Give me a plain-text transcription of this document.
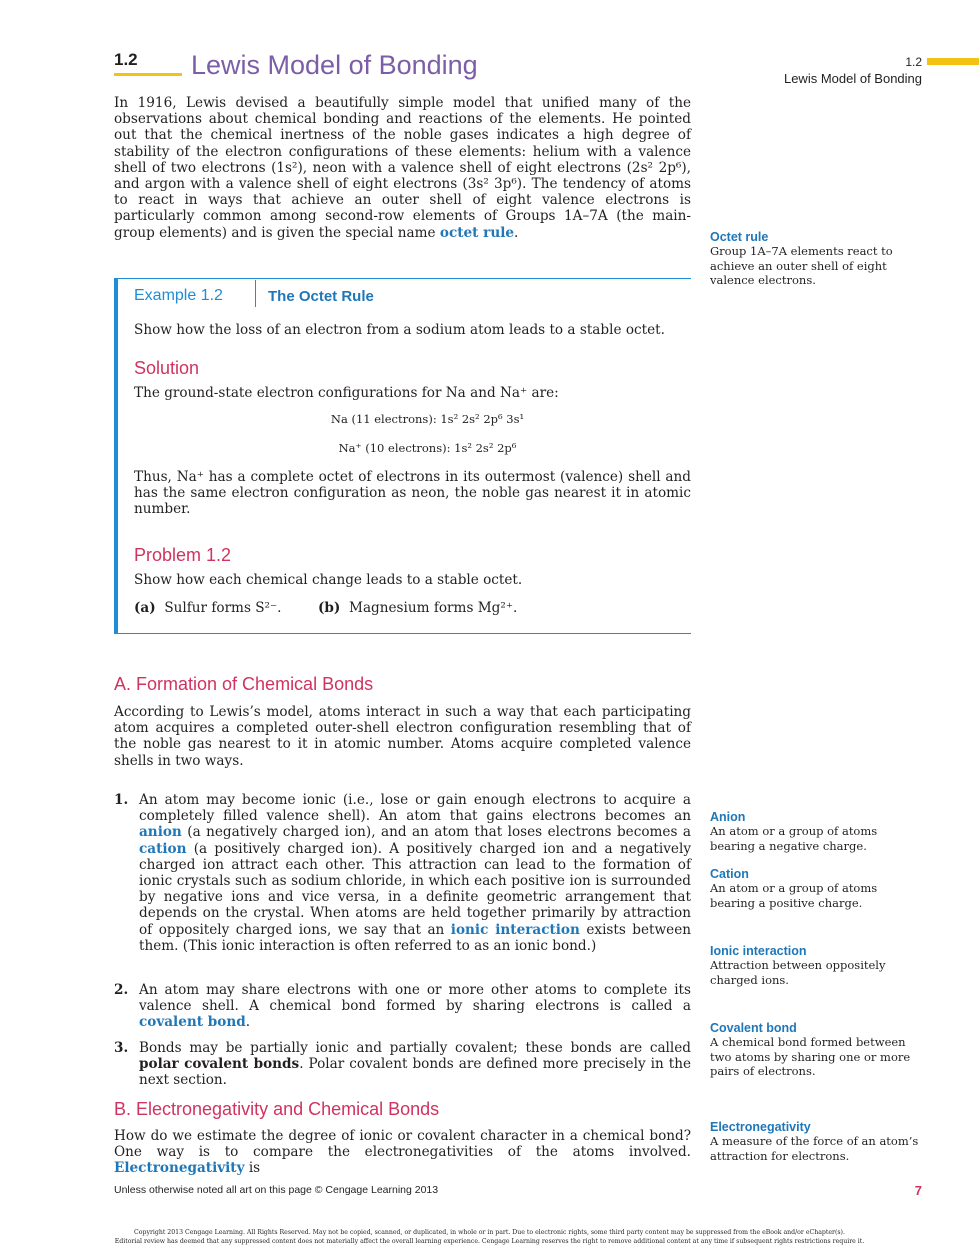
1.2 Lewis Model of Bonding	1.2
Lewis Model of Bonding
In 1916, Lewis devised a beautifully simple model that unified many of the observations about chemical bonding and reactions of the elements. He pointed out that the chemical inertness of the noble gases indicates a high degree of stability of the electron configurations of these elements: helium with a valence shell of two electrons (1s²), neon with a valence shell of eight electrons (2s² 2p⁶), and argon with a valence shell of eight electrons (3s² 3p⁶). The tendency of atoms to react in ways that achieve an outer shell of eight valence electrons is particularly common among second-row elements of Groups 1A–7A (the main-group elements) and is given the special name octet rule.
Example 1.2	The Octet Rule
Show how the loss of an electron from a sodium atom leads to a stable octet.
Solution
The ground-state electron configurations for Na and Na⁺ are:
Na (11 electrons): 1s² 2s² 2p⁶ 3s¹
Na⁺ (10 electrons): 1s² 2s² 2p⁶
Thus, Na⁺ has a complete octet of electrons in its outermost (valence) shell and has the same electron configuration as neon, the noble gas nearest it in atomic number.
Problem 1.2
Show how each chemical change leads to a stable octet.
(a) Sulfur forms S²⁻.	(b) Magnesium forms Mg²⁺.
A. Formation of Chemical Bonds
According to Lewis’s model, atoms interact in such a way that each participating atom acquires a completed outer-shell electron configuration resembling that of the noble gas nearest to it in atomic number. Atoms acquire completed valence shells in two ways.
1. An atom may become ionic (i.e., lose or gain enough electrons to acquire a completely filled valence shell). An atom that gains electrons becomes an anion (a negatively charged ion), and an atom that loses electrons becomes a cation (a positively charged ion). A positively charged ion and a negatively charged ion attract each other. This attraction can lead to the formation of ionic crystals such as sodium chloride, in which each positive ion is surrounded by negative ions and vice versa, in a definite geometric arrangement that depends on the crystal. When atoms are held together primarily by attraction of oppositely charged ions, we say that an ionic interaction exists between them. (This ionic interaction is often referred to as an ionic bond.)
2. An atom may share electrons with one or more other atoms to complete its valence shell. A chemical bond formed by sharing electrons is called a covalent bond.
3. Bonds may be partially ionic and partially covalent; these bonds are called polar covalent bonds. Polar covalent bonds are defined more precisely in the next section.
B. Electronegativity and Chemical Bonds
How do we estimate the degree of ionic or covalent character in a chemical bond? One way is to compare the electronegativities of the atoms involved. Electronegativity is
Octet rule
Group 1A–7A elements react to achieve an outer shell of eight valence electrons.
Anion
An atom or a group of atoms bearing a negative charge.
Cation
An atom or a group of atoms bearing a positive charge.
Ionic interaction
Attraction between oppositely charged ions.
Covalent bond
A chemical bond formed between two atoms by sharing one or more pairs of electrons.
Electronegativity
A measure of the force of an atom’s attraction for electrons.
Unless otherwise noted all art on this page © Cengage Learning 2013	7
Copyright 2013 Cengage Learning. All Rights Reserved. May not be copied, scanned, or duplicated, in whole or in part. Due to electronic rights, some third party content may be suppressed from the eBook and/or eChapter(s).
Editorial review has deemed that any suppressed content does not materially affect the overall learning experience. Cengage Learning reserves the right to remove additional content at any time if subsequent rights restrictions require it.
